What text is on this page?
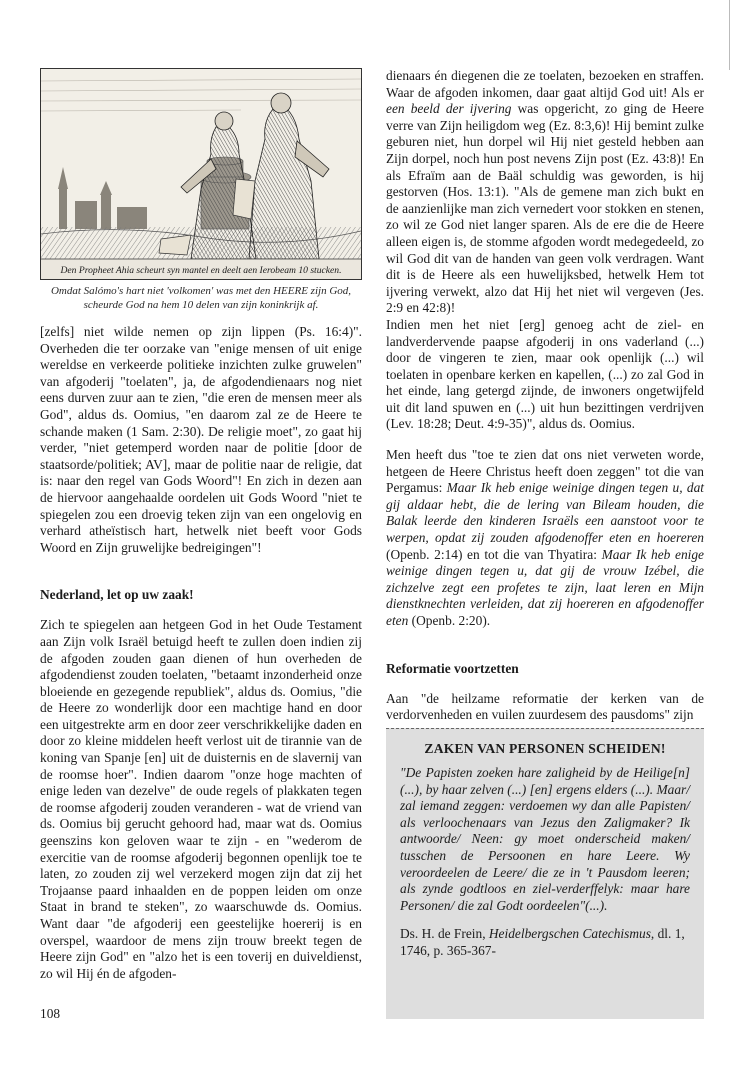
Den Propheet Ahia scheurt syn mantel en deelt aen Ierobeam 10 stucken.

Omdat Salómo's hart niet 'volkomen' was met den HEERE zijn God, scheurde God na hem 10 delen van zijn koninkrijk af.

[zelfs] niet wilde nemen op zijn lippen (Ps. 16:4)". Overheden die ter oorzake van "enige mensen of uit enige wereldse en verkeerde politieke inzichten zulke gruwelen" van afgoderij "toelaten", ja, de afgodendienaars nog niet eens durven zuur aan te zien, "die eren de mensen meer als God", aldus ds. Oomius, "en daarom zal ze de Heere te schande maken (1 Sam. 2:30). De religie moet", zo gaat hij verder, "niet getemperd worden naar de politie [door de staatsorde/politiek; AV], maar de politie naar de religie, dat is: naar den regel van Gods Woord"! En zich in dezen aan de hiervoor aangehaalde oordelen uit Gods Woord "niet te spiegelen zou een droevig teken zijn van een ongelovig en verhard atheïstisch hart, hetwelk niet beeft voor Gods Woord en Zijn gruwelijke bedreigingen"!

Nederland, let op uw zaak!

Zich te spiegelen aan hetgeen God in het Oude Testament aan Zijn volk Israël betuigd heeft te zullen doen indien zij de afgoden zouden gaan dienen of hun overheden de afgodendienst zouden toelaten, "betaamt inzonderheid onze bloeiende en gezegende republiek", aldus ds. Oomius, "die de Heere zo wonderlijk door een machtige hand en door een uitgestrekte arm en door zeer verschrikkelijke daden en door zo kleine middelen heeft verlost uit de tirannie van de koning van Spanje [en] uit de duisternis en de slavernij van de roomse hoer". Indien daarom "onze hoge machten of enige leden van dezelve" de oude regels of plakkaten tegen de roomse afgoderij zouden veranderen - wat de vriend van ds. Oomius bij gerucht gehoord had, maar wat ds. Oomius geenszins kon geloven waar te zijn - en "wederom de exercitie van de roomse afgoderij begonnen openlijk toe te laten, zo zouden zij wel verzekerd mogen zijn dat zij het Trojaanse paard inhaalden en de poppen leiden om onze Staat in brand te steken", zo waarschuwde ds. Oomius. Want daar "de afgoderij een geestelijke hoererij is en overspel, waardoor de mens zijn trouw breekt tegen de Heere zijn God" en "alzo het is een toverij en duiveldienst, zo wil Hij én de afgoden-

dienaars én diegenen die ze toelaten, bezoeken en straffen. Waar de afgoden inkomen, daar gaat altijd God uit! Als er een beeld der ijvering was opgericht, zo ging de Heere verre van Zijn heiligdom weg (Ez. 8:3,6)! Hij bemint zulke geburen niet, hun dorpel wil Hij niet gesteld hebben aan Zijn dorpel, noch hun post nevens Zijn post (Ez. 43:8)! En als Efraïm aan de Baäl schuldig was geworden, is hij gestorven (Hos. 13:1). "Als de gemene man zich bukt en de aanzienlijke man zich vernedert voor stokken en stenen, zo wil ze God niet langer sparen. Als de ere die de Heere alleen eigen is, de stomme afgoden wordt medegedeeld, zo wil God dit van de handen van geen volk verdragen. Want dit is de Heere als een huwelijksbed, hetwelk Hem tot ijvering verwekt, alzo dat Hij het niet wil vergeven (Jes. 2:9 en 42:8)!

Indien men het niet [erg] genoeg acht de ziel- en landverdervende paapse afgoderij in ons vaderland (...) door de vingeren te zien, maar ook openlijk (...) wil toelaten in openbare kerken en kapellen, (...) zo zal God in het einde, lang getergd zijnde, de inwoners ongetwijfeld uit dit land spuwen en (...) uit hun bezittingen verdrijven (Lev. 18:28; Deut. 4:9-35)", aldus ds. Oomius.

Men heeft dus "toe te zien dat ons niet verweten worde, hetgeen de Heere Christus heeft doen zeggen" tot die van Pergamus: Maar Ik heb enige weinige dingen tegen u, dat gij aldaar hebt, die de lering van Bileam houden, die Balak leerde den kinderen Israëls een aanstoot voor te werpen, opdat zij zouden afgodenoffer eten en hoereren (Openb. 2:14) en tot die van Thyatira: Maar Ik heb enige weinige dingen tegen u, dat gij de vrouw Izébel, die zichzelve zegt een profetes te zijn, laat leren en Mijn dienstknechten verleiden, dat zij hoereren en afgodenoffer eten (Openb. 2:20).

Reformatie voortzetten

Aan "de heilzame reformatie der kerken van de verdorvenheden en vuilen zuurdesem des pausdoms" zijn

ZAKEN VAN PERSONEN SCHEIDEN!

"De Papisten zoeken hare zaligheid by de Heilige[n] (...), by haar zelven (...) [en] ergens elders (...). Maar/ zal iemand zeggen: verdoemen wy dan alle Papisten/ als verloochenaars van Jezus den Zaligmaker? Ik antwoorde/ Neen: gy moet onderscheid maken/ tusschen de Persoonen en hare Leere. Wy veroordeelen de Leere/ die ze in 't Pausdom leeren; als zynde godtloos en ziel-verderffelyk: maar hare Personen/ die zal Godt oordeelen"(...).

Ds. H. de Frein, Heidelbergschen Catechismus, dl. 1, 1746, p. 365-367-

108
